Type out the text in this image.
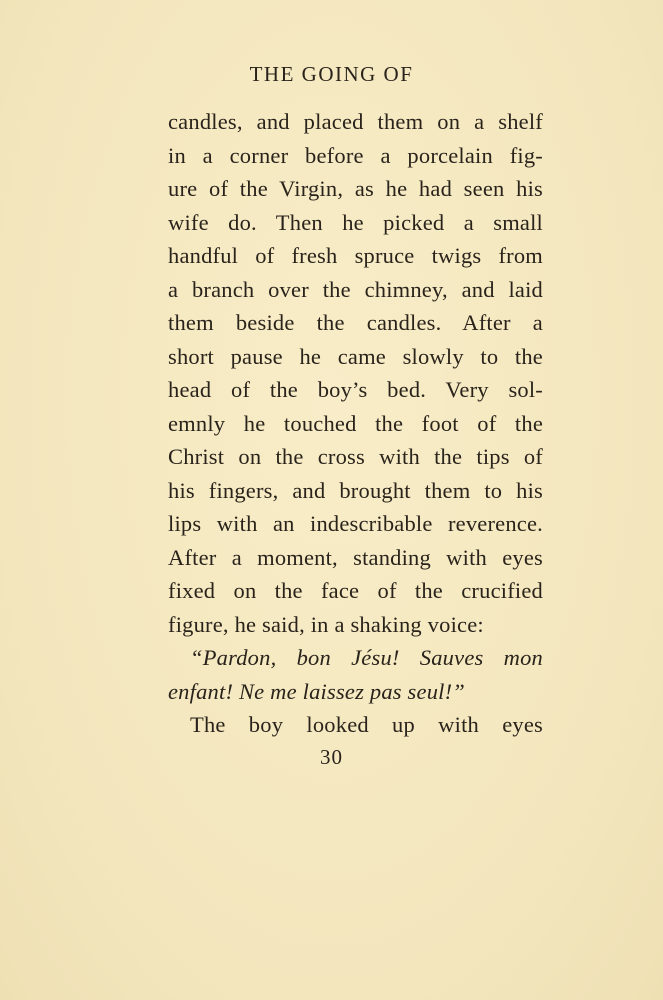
THE GOING OF
candles, and placed them on a shelf
in a corner before a porcelain fig-
ure of the Virgin, as he had seen his
wife do. Then he picked a small
handful of fresh spruce twigs from
a branch over the chimney, and laid
them beside the candles. After a
short pause he came slowly to the
head of the boy’s bed. Very sol-
emnly he touched the foot of the
Christ on the cross with the tips of
his fingers, and brought them to his
lips with an indescribable reverence.
After a moment, standing with eyes
fixed on the face of the crucified
figure, he said, in a shaking voice:
“Pardon, bon Jésu! Sauves mon
enfant! Ne me laissez pas seul!”
The boy looked up with eyes
30
